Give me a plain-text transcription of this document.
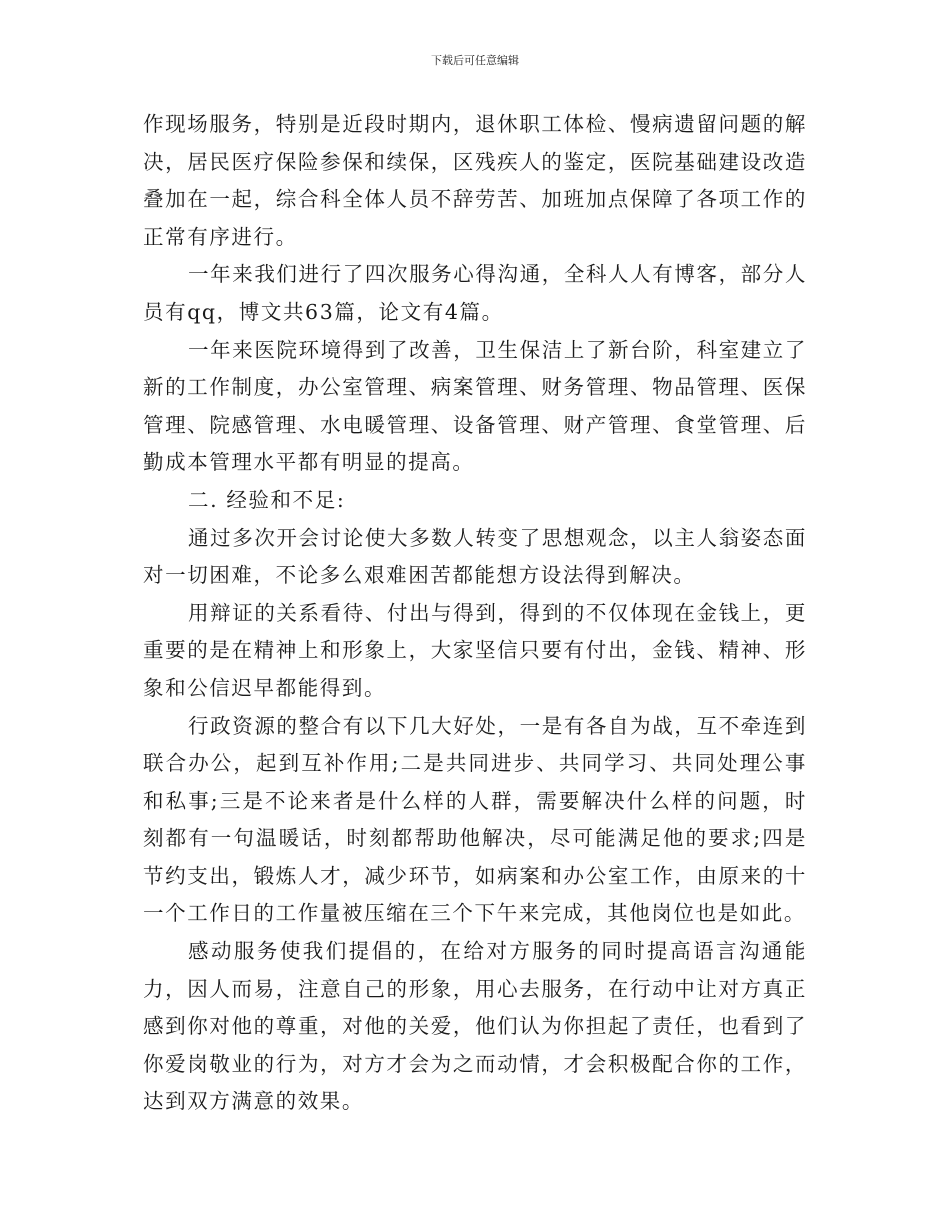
下载后可任意编辑

作现场服务，特别是近段时期内，退休职工体检、慢病遗留问题的解决，居民医疗保险参保和续保，区残疾人的鉴定，医院基础建设改造叠加在一起，综合科全体人员不辞劳苦、加班加点保障了各项工作的正常有序进行。

一年来我们进行了四次服务心得沟通，全科人人有博客，部分人员有qq，博文共63篇，论文有4篇。

一年来医院环境得到了改善，卫生保洁上了新台阶，科室建立了新的工作制度，办公室管理、病案管理、财务管理、物品管理、医保管理、院感管理、水电暖管理、设备管理、财产管理、食堂管理、后勤成本管理水平都有明显的提高。

二. 经验和不足:

通过多次开会讨论使大多数人转变了思想观念，以主人翁姿态面对一切困难，不论多么艰难困苦都能想方设法得到解决。

用辩证的关系看待、付出与得到，得到的不仅体现在金钱上，更重要的是在精神上和形象上，大家坚信只要有付出，金钱、精神、形象和公信迟早都能得到。

行政资源的整合有以下几大好处，一是有各自为战，互不牵连到联合办公，起到互补作用;二是共同进步、共同学习、共同处理公事和私事;三是不论来者是什么样的人群，需要解决什么样的问题，时刻都有一句温暖话，时刻都帮助他解决，尽可能满足他的要求;四是节约支出，锻炼人才，减少环节，如病案和办公室工作，由原来的十一个工作日的工作量被压缩在三个下午来完成，其他岗位也是如此。

感动服务使我们提倡的，在给对方服务的同时提高语言沟通能力，因人而易，注意自己的形象，用心去服务，在行动中让对方真正感到你对他的尊重，对他的关爱，他们认为你担起了责任，也看到了你爱岗敬业的行为，对方才会为之而动情，才会积极配合你的工作，达到双方满意的效果。
